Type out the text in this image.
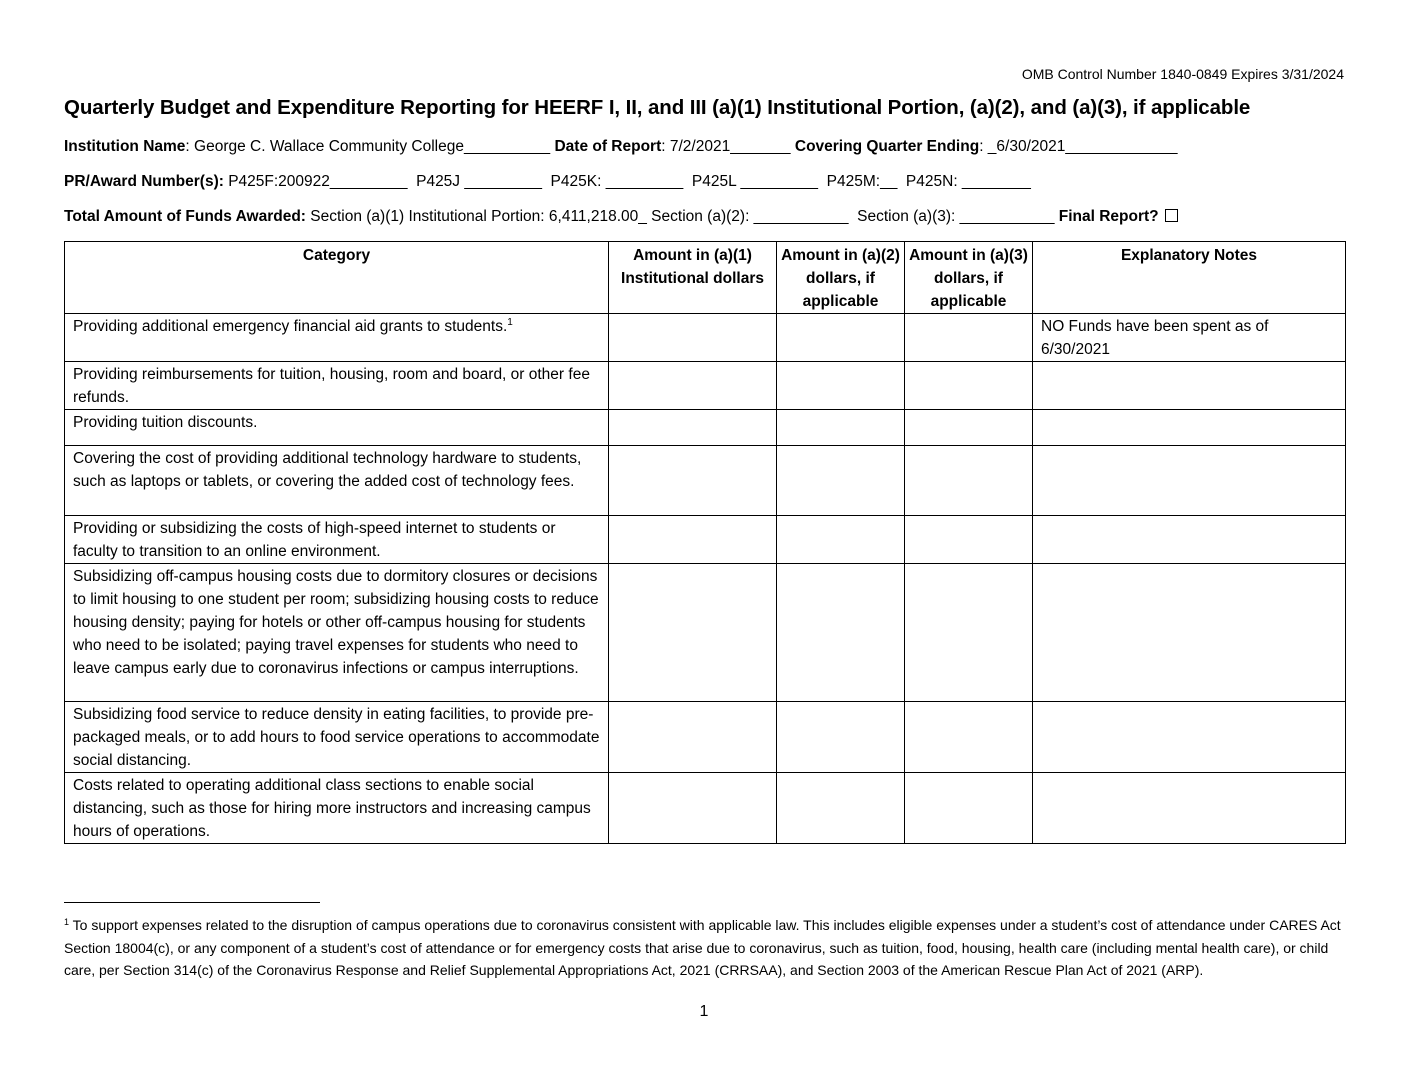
OMB Control Number 1840-0849 Expires 3/31/2024
Quarterly Budget and Expenditure Reporting for HEERF I, II, and III (a)(1) Institutional Portion, (a)(2), and (a)(3), if applicable
Institution Name: George C. Wallace Community College__________ Date of Report: 7/2/2021_______ Covering Quarter Ending: _6/30/2021_____________
PR/Award Number(s): P425F:200922_________  P425J _________  P425K: _________  P425L _________  P425M:__  P425N: ________
Total Amount of Funds Awarded: Section (a)(1) Institutional Portion: 6,411,218.00_ Section (a)(2): ___________  Section (a)(3): ___________ Final Report?
Category	Amount in (a)(1) Institutional dollars	Amount in (a)(2) dollars, if applicable	Amount in (a)(3) dollars, if applicable	Explanatory Notes
Providing additional emergency financial aid grants to students.$^1$				NO Funds have been spent as of 6/30/2021
Providing reimbursements for tuition, housing, room and board, or other fee refunds.				
Providing tuition discounts.				
Covering the cost of providing additional technology hardware to students, such as laptops or tablets, or covering the added cost of technology fees.				
Providing or subsidizing the costs of high-speed internet to students or faculty to transition to an online environment.				
Subsidizing off-campus housing costs due to dormitory closures or decisions to limit housing to one student per room; subsidizing housing costs to reduce housing density; paying for hotels or other off-campus housing for students who need to be isolated; paying travel expenses for students who need to leave campus early due to coronavirus infections or campus interruptions.				
Subsidizing food service to reduce density in eating facilities, to provide pre-packaged meals, or to add hours to food service operations to accommodate social distancing.				
Costs related to operating additional class sections to enable social distancing, such as those for hiring more instructors and increasing campus hours of operations.				
$^1$ To support expenses related to the disruption of campus operations due to coronavirus consistent with applicable law. This includes eligible expenses under a student’s cost of attendance under CARES Act Section 18004(c), or any component of a student’s cost of attendance or for emergency costs that arise due to coronavirus, such as tuition, food, housing, health care (including mental health care), or child care, per Section 314(c) of the Coronavirus Response and Relief Supplemental Appropriations Act, 2021 (CRRSAA), and Section 2003 of the American Rescue Plan Act of 2021 (ARP).
1
